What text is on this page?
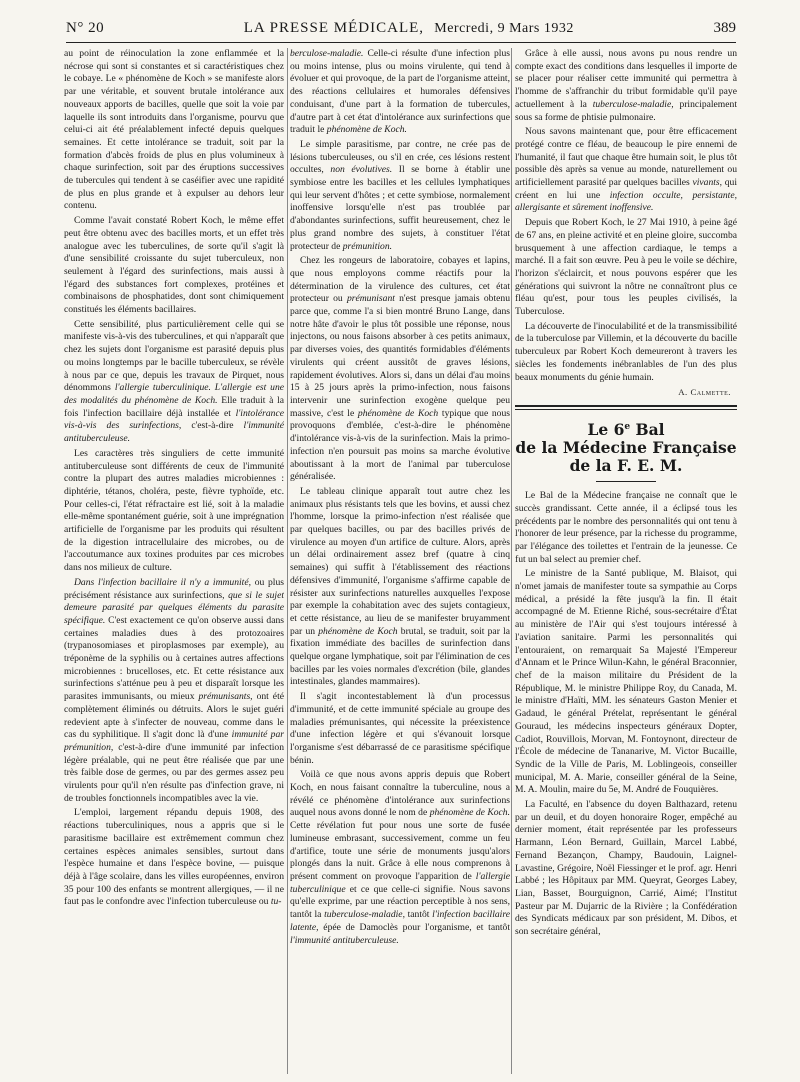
N° 20	LA PRESSE MÉDICALE, Mercredi, 9 Mars 1932	389

au point de réinoculation la zone enflammée et la nécrose qui sont si constantes et si caractéristiques chez le cobaye. Le « phénomène de Koch » se manifeste alors par une véritable, et souvent brutale intolérance aux nouveaux apports de bacilles, quelle que soit la voie par laquelle ils sont introduits dans l'organisme, pourvu que celui-ci ait été préalablement infecté depuis quelques semaines. Et cette intolérance se traduit, soit par la formation d'abcès froids de plus en plus volumineux à chaque surinfection, soit par des éruptions successives de tubercules qui tendent à se caséifier avec une rapidité de plus en plus grande et à expulser au dehors leur contenu.

Comme l'avait constaté Robert Koch, le même effet peut être obtenu avec des bacilles morts, et un effet très analogue avec les tuberculines, de sorte qu'il s'agit là d'une sensibilité croissante du sujet tuberculeux, non seulement à l'égard des surinfections, mais aussi à l'égard des substances fort complexes, protéines et combinaisons de phosphatides, dont sont chimiquement constitués les éléments bacillaires.

Cette sensibilité, plus particulièrement celle qui se manifeste vis-à-vis des tuberculines, et qui n'apparaît que chez les sujets dont l'organisme est parasité depuis plus ou moins longtemps par le bacille tuberculeux, se révèle à nous par ce que, depuis les travaux de Pirquet, nous dénommons l'allergie tuberculinique. L'allergie est une des modalités du phénomène de Koch. Elle traduit à la fois l'infection bacillaire déjà installée et l'intolérance vis-à-vis des surinfections, c'est-à-dire l'immunité antituberculeuse.

Les caractères très singuliers de cette immunité antituberculeuse sont différents de ceux de l'immunité contre la plupart des autres maladies microbiennes : diphtérie, tétanos, choléra, peste, fièvre typhoïde, etc. Pour celles-ci, l'état réfractaire est lié, soit à la maladie elle-même spontanément guérie, soit à une imprégnation artificielle de l'organisme par les produits qui résultent de la digestion intracellulaire des microbes, ou de l'accoutumance aux toxines produites par ces microbes dans nos milieux de culture.

Dans l'infection bacillaire il n'y a immunité, ou plus précisément résistance aux surinfections, que si le sujet demeure parasité par quelques éléments du parasite spécifique. C'est exactement ce qu'on observe aussi dans certaines maladies dues à des protozoaires (trypanosomiases et piroplasmoses par exemple), au tréponème de la syphilis ou à certaines autres affections microbiennes : brucelloses, etc. Et cette résistance aux surinfections s'atténue peu à peu et disparaît lorsque les parasites immunisants, ou mieux prémunisants, ont été complètement éliminés ou détruits. Alors le sujet guéri redevient apte à s'infecter de nouveau, comme dans le cas du syphilitique. Il s'agit donc là d'une immunité par prémunition, c'est-à-dire d'une immunité par infection légère préalable, qui ne peut être réalisée que par une très faible dose de germes, ou par des germes assez peu virulents pour qu'il n'en résulte pas d'infection grave, ni de troubles fonctionnels incompatibles avec la vie.

L'emploi, largement répandu depuis 1908, des réactions tuberculiniques, nous a appris que si le parasitisme bacillaire est extrêmement commun chez certaines espèces animales sensibles, surtout dans l'espèce humaine et dans l'espèce bovine, — puisque déjà à l'âge scolaire, dans les villes européennes, environ 35 pour 100 des enfants se montrent allergiques, — il ne faut pas le confondre avec l'infection tuberculeuse ou tu-

berculose-maladie. Celle-ci résulte d'une infection plus ou moins intense, plus ou moins virulente, qui tend à évoluer et qui provoque, de la part de l'organisme atteint, des réactions cellulaires et humorales défensives conduisant, d'une part à la formation de tubercules, d'autre part à cet état d'intolérance aux surinfections que traduit le phénomène de Koch.

Le simple parasitisme, par contre, ne crée pas de lésions tuberculeuses, ou s'il en crée, ces lésions restent occultes, non évolutives. Il se borne à établir une symbiose entre les bacilles et les cellules lymphatiques qui leur servent d'hôtes ; et cette symbiose, normalement inoffensive lorsqu'elle n'est pas troublée par d'abondantes surinfections, suffit heureusement, chez le plus grand nombre des sujets, à constituer l'état protecteur de prémunition.

Chez les rongeurs de laboratoire, cobayes et lapins, que nous employons comme réactifs pour la détermination de la virulence des cultures, cet état protecteur ou prémunisant n'est presque jamais obtenu parce que, comme l'a si bien montré Bruno Lange, dans notre hâte d'avoir le plus tôt possible une réponse, nous injectons, ou nous faisons absorber à ces petits animaux, par diverses voies, des quantités formidables d'éléments virulents qui créent aussitôt de graves lésions, rapidement évolutives. Alors si, dans un délai d'au moins 15 à 25 jours après la primo-infection, nous faisons intervenir une surinfection exogène quelque peu massive, c'est le phénomène de Koch typique que nous provoquons d'emblée, c'est-à-dire le phénomène d'intolérance vis-à-vis de la surinfection. Mais la primo-infection n'en poursuit pas moins sa marche évolutive aboutissant à la mort de l'animal par tuberculose généralisée.

Le tableau clinique apparaît tout autre chez les animaux plus résistants tels que les bovins, et aussi chez l'homme, lorsque la primo-infection n'est réalisée que par quelques bacilles, ou par des bacilles privés de virulence au moyen d'un artifice de culture. Alors, après un délai ordinairement assez bref (quatre à cinq semaines) qui suffit à l'établissement des réactions défensives d'immunité, l'organisme s'affirme capable de résister aux surinfections naturelles auxquelles l'expose par exemple la cohabitation avec des sujets contagieux, et cette résistance, au lieu de se manifester bruyamment par un phénomène de Koch brutal, se traduit, soit par la fixation immédiate des bacilles de surinfection dans quelque organe lymphatique, soit par l'élimination de ces bacilles par les voies normales d'excrétion (bile, glandes intestinales, glandes mammaires).

Il s'agit incontestablement là d'un processus d'immunité, et de cette immunité spéciale au groupe des maladies prémunisantes, qui nécessite la préexistence d'une infection légère et qui s'évanouit lorsque l'organisme s'est débarrassé de ce parasitisme spécifique bénin.

Voilà ce que nous avons appris depuis que Robert Koch, en nous faisant connaître la tuberculine, nous a révélé ce phénomène d'intolérance aux surinfections auquel nous avons donné le nom de phénomène de Koch. Cette révélation fut pour nous une sorte de fusée lumineuse embrasant, successivement, comme un feu d'artifice, toute une série de monuments jusqu'alors plongés dans la nuit. Grâce à elle nous comprenons à présent comment on provoque l'apparition de l'allergie tuberculinique et ce que celle-ci signifie. Nous savons qu'elle exprime, par une réaction perceptible à nos sens, tantôt la tuberculose-maladie, tantôt l'infection bacillaire latente, épée de Damoclès pour l'organisme, et tantôt l'immunité antituberculeuse.

Grâce à elle aussi, nous avons pu nous rendre un compte exact des conditions dans lesquelles il importe de se placer pour réaliser cette immunité qui permettra à l'homme de s'affranchir du tribut formidable qu'il paye actuellement à la tuberculose-maladie, principalement sous sa forme de phtisie pulmonaire.

Nous savons maintenant que, pour être efficacement protégé contre ce fléau, de beaucoup le pire ennemi de l'humanité, il faut que chaque être humain soit, le plus tôt possible dès après sa venue au monde, naturellement ou artificiellement parasité par quelques bacilles vivants, qui créent en lui une infection occulte, persistante, allergisante et sûrement inoffensive.

Depuis que Robert Koch, le 27 Mai 1910, à peine âgé de 67 ans, en pleine activité et en pleine gloire, succomba brusquement à une affection cardiaque, le temps a marché. Il a fait son œuvre. Peu à peu le voile se déchire, l'horizon s'éclaircit, et nous pouvons espérer que les générations qui suivront la nôtre ne connaîtront plus ce fléau qu'est, pour tous les peuples civilisés, la Tuberculose.

La découverte de l'inoculabilité et de la transmissibilité de la tuberculose par Villemin, et la découverte du bacille tuberculeux par Robert Koch demeureront à travers les siècles les fondements inébranlables de l'un des plus beaux monuments du génie humain.

A. Calmette.
Le 6e Bal
de la Médecine Française
de la F. E. M.

Le Bal de la Médecine française ne connaît que le succès grandissant. Cette année, il a éclipsé tous les précédents par le nombre des personnalités qui ont tenu à l'honorer de leur présence, par la richesse du programme, par l'élégance des toilettes et l'entrain de la jeunesse. Ce fut un bal select au premier chef.

Le ministre de la Santé publique, M. Blaisot, qui n'omet jamais de manifester toute sa sympathie au Corps médical, a présidé la fête jusqu'à la fin. Il était accompagné de M. Etienne Riché, sous-secrétaire d'État au ministère de l'Air qui s'est toujours intéressé à l'aviation sanitaire. Parmi les personnalités qui l'entouraient, on remarquait Sa Majesté l'Empereur d'Annam et le Prince Wilun-Kahn, le général Braconnier, chef de la maison militaire du Président de la République, M. le ministre Philippe Roy, du Canada, M. le ministre d'Haïti, MM. les sénateurs Gaston Menier et Gadaud, le général Prételat, représentant le général Gouraud, les médecins inspecteurs généraux Dopter, Cadiot, Rouvillois, Morvan, M. Fontoynont, directeur de l'École de médecine de Tananarive, M. Victor Bucaille, Syndic de la Ville de Paris, M. Loblingeois, conseiller municipal, M. A. Marie, conseiller général de la Seine, M. A. Moulin, maire du 5e, M. André de Fouquières.

La Faculté, en l'absence du doyen Balthazard, retenu par un deuil, et du doyen honoraire Roger, empêché au dernier moment, était représentée par les professeurs Harmann, Léon Bernard, Guillain, Marcel Labbé, Fernand Bezançon, Champy, Baudouin, Laignel-Lavastine, Grégoire, Noël Fiessinger et le prof. agr. Henri Labbé ; les Hôpitaux par MM. Queyrat, Georges Labey, Lian, Basset, Bourguignon, Carrié, Aimé; l'Institut Pasteur par M. Dujarric de la Rivière ; la Confédération des Syndicats médicaux par son président, M. Dibos, et son secrétaire général,
